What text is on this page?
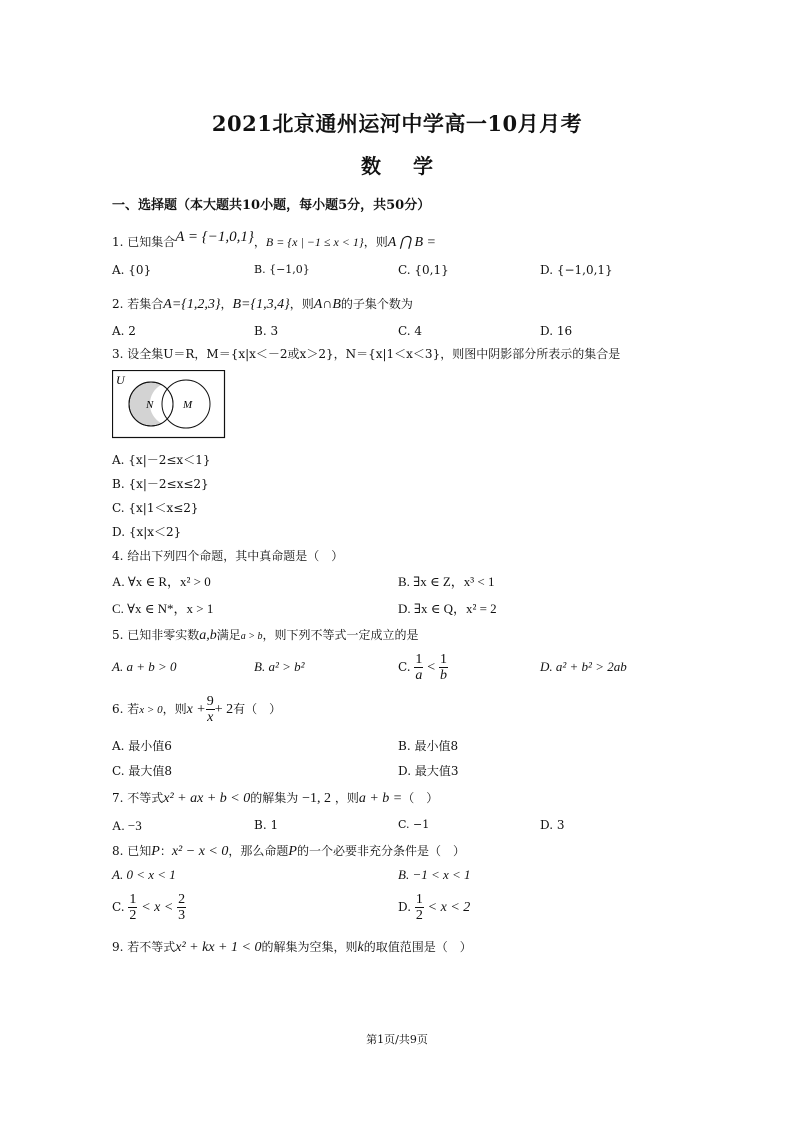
2021北京通州运河中学高一10月月考
数学
一、选择题（本大题共10小题，每小题5分，共50分）
1. 已知集合A = {−1,0,1}，B = {x | −1 ≤ x < 1}，则A ⋂ B =
A. {0}	B. {−1,0}	C. {0,1}	D. {−1,0,1}
2. 若集合A={1,2,3}，B={1,3,4}，则A∩B的子集个数为
A. 2	B. 3	C. 4	D. 16
3. 设全集U＝R，M＝{x|x＜－2或x＞2}，N＝{x|1＜x＜3}，则图中阴影部分所表示的集合是
U
N	M
A. {x|－2≤x＜1}
B. {x|－2≤x≤2}
C. {x|1＜x≤2}
D. {x|x＜2}
4. 给出下列四个命题，其中真命题是（　）
A. ∀x ∈ R，x² > 0	B. ∃x ∈ Z，x³ < 1
C. ∀x ∈ N*，x > 1	D. ∃x ∈ Q，x² = 2
5. 已知非零实数a,b满足a > b，则下列不等式一定成立的是
A. a + b > 0	B. a² > b²	C. $\frac{1}{a} < \frac{1}{b}$	D. a² + b² > 2ab
6. 若x > 0，则$x + \frac{9}{x} + 2$有（　）
A. 最小值6	B. 最小值8
C. 最大值8	D. 最大值3
7. 不等式x² + ax + b < 0的解集为 −1, 2 ，则a + b =（　）
A. −3	B. 1	C. −1	D. 3
8. 已知P：x² − x < 0，那么命题P的一个必要非充分条件是（　）
A. 0 < x < 1	B. −1 < x < 1
C. $\frac{1}{2} < x < \frac{2}{3}$	D. $\frac{1}{2} < x < 2$
9. 若不等式x² + kx + 1 < 0的解集为空集，则k的取值范围是（　）
第1页/共9页
